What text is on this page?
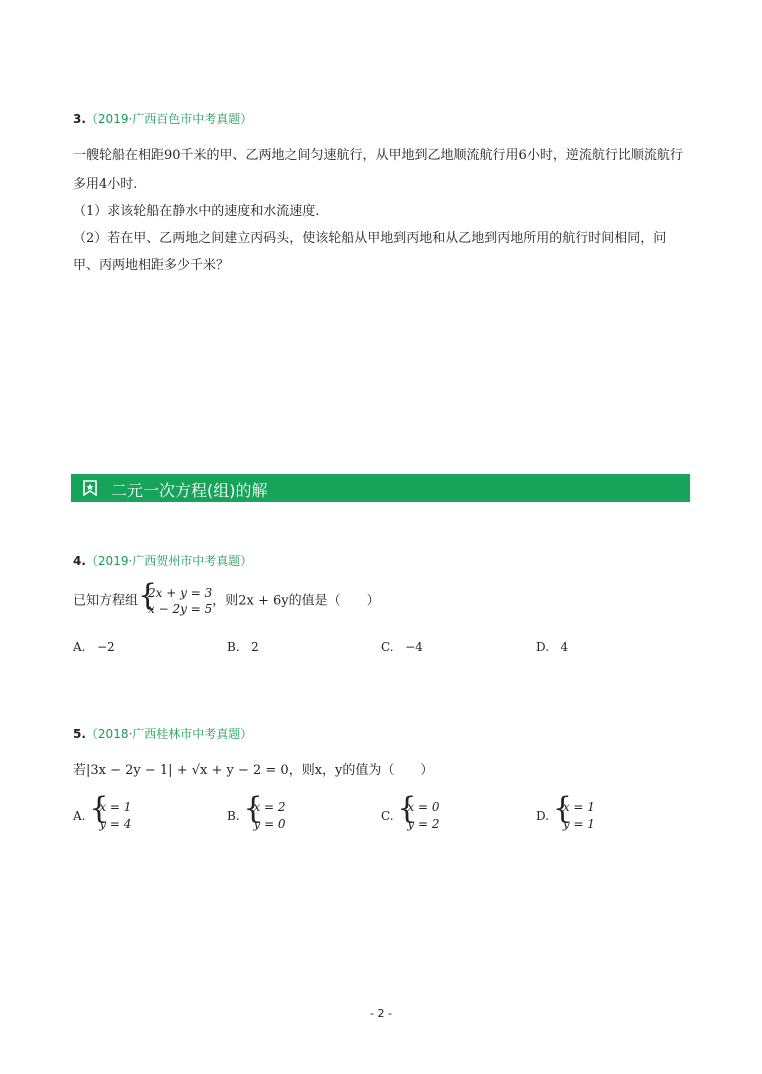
3.（2019·广西百色市中考真题）
一艘轮船在相距90千米的甲、乙两地之间匀速航行，从甲地到乙地顺流航行用6小时，逆流航行比顺流航行
多用4小时.
（1）求该轮船在静水中的速度和水流速度.
（2）若在甲、乙两地之间建立丙码头，使该轮船从甲地到丙地和从乙地到丙地所用的航行时间相同，问
甲、丙两地相距多少千米？
二元一次方程(组)的解
4.（2019·广西贺州市中考真题）
已知方程组 {
2x + y = 3
x − 2y = 5
，则2x + 6y的值是（　　）
A. −2	B. 2	C. −4	D. 4
5.（2018·广西桂林市中考真题）
若|3x − 2y − 1| + √x + y − 2 = 0，则x，y的值为（　　）
A. {
x = 1
y = 4
B. {
x = 2
y = 0
C. {
x = 0
y = 2
D. {
x = 1
y = 1
- 2 -
